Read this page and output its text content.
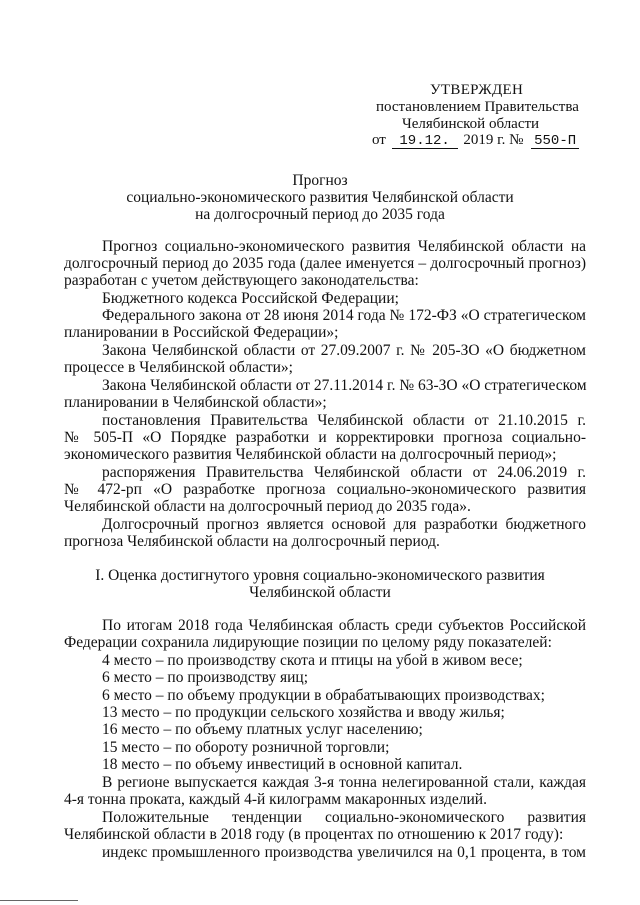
УТВЕРЖДЕН
постановлением Правительства
Челябинской области
от 19.12. 2019 г. № 550-П
Прогноз
социально-экономического развития Челябинской области
на долгосрочный период до 2035 года
Прогноз социально-экономического развития Челябинской области на
долгосрочный период до 2035 года (далее именуется – долгосрочный прогноз)
разработан с учетом действующего законодательства:
Бюджетного кодекса Российской Федерации;
Федерального закона от 28 июня 2014 года № 172-ФЗ «О стратегическом
планировании в Российской Федерации»;
Закона Челябинской области от 27.09.2007 г. № 205-ЗО «О бюджетном
процессе в Челябинской области»;
Закона Челябинской области от 27.11.2014 г. № 63-ЗО «О стратегическом
планировании в Челябинской области»;
постановления Правительства Челябинской области от 21.10.2015 г.
№ 505-П «О Порядке разработки и корректировки прогноза социально-
экономического развития Челябинской области на долгосрочный период»;
распоряжения Правительства Челябинской области от 24.06.2019 г.
№ 472-рп «О разработке прогноза социально-экономического развития
Челябинской области на долгосрочный период до 2035 года».
Долгосрочный прогноз является основой для разработки бюджетного
прогноза Челябинской области на долгосрочный период.
I. Оценка достигнутого уровня социально-экономического развития
Челябинской области
По итогам 2018 года Челябинская область среди субъектов Российской
Федерации сохранила лидирующие позиции по целому ряду показателей:
4 место – по производству скота и птицы на убой в живом весе;
6 место – по производству яиц;
6 место – по объему продукции в обрабатывающих производствах;
13 место – по продукции сельского хозяйства и вводу жилья;
16 место – по объему платных услуг населению;
15 место – по обороту розничной торговли;
18 место – по объему инвестиций в основной капитал.
В регионе выпускается каждая 3-я тонна нелегированной стали, каждая
4-я тонна проката, каждый 4-й килограмм макаронных изделий.
Положительные тенденции социально-экономического развития
Челябинской области в 2018 году (в процентах по отношению к 2017 году):
индекс промышленного производства увеличился на 0,1 процента, в том
